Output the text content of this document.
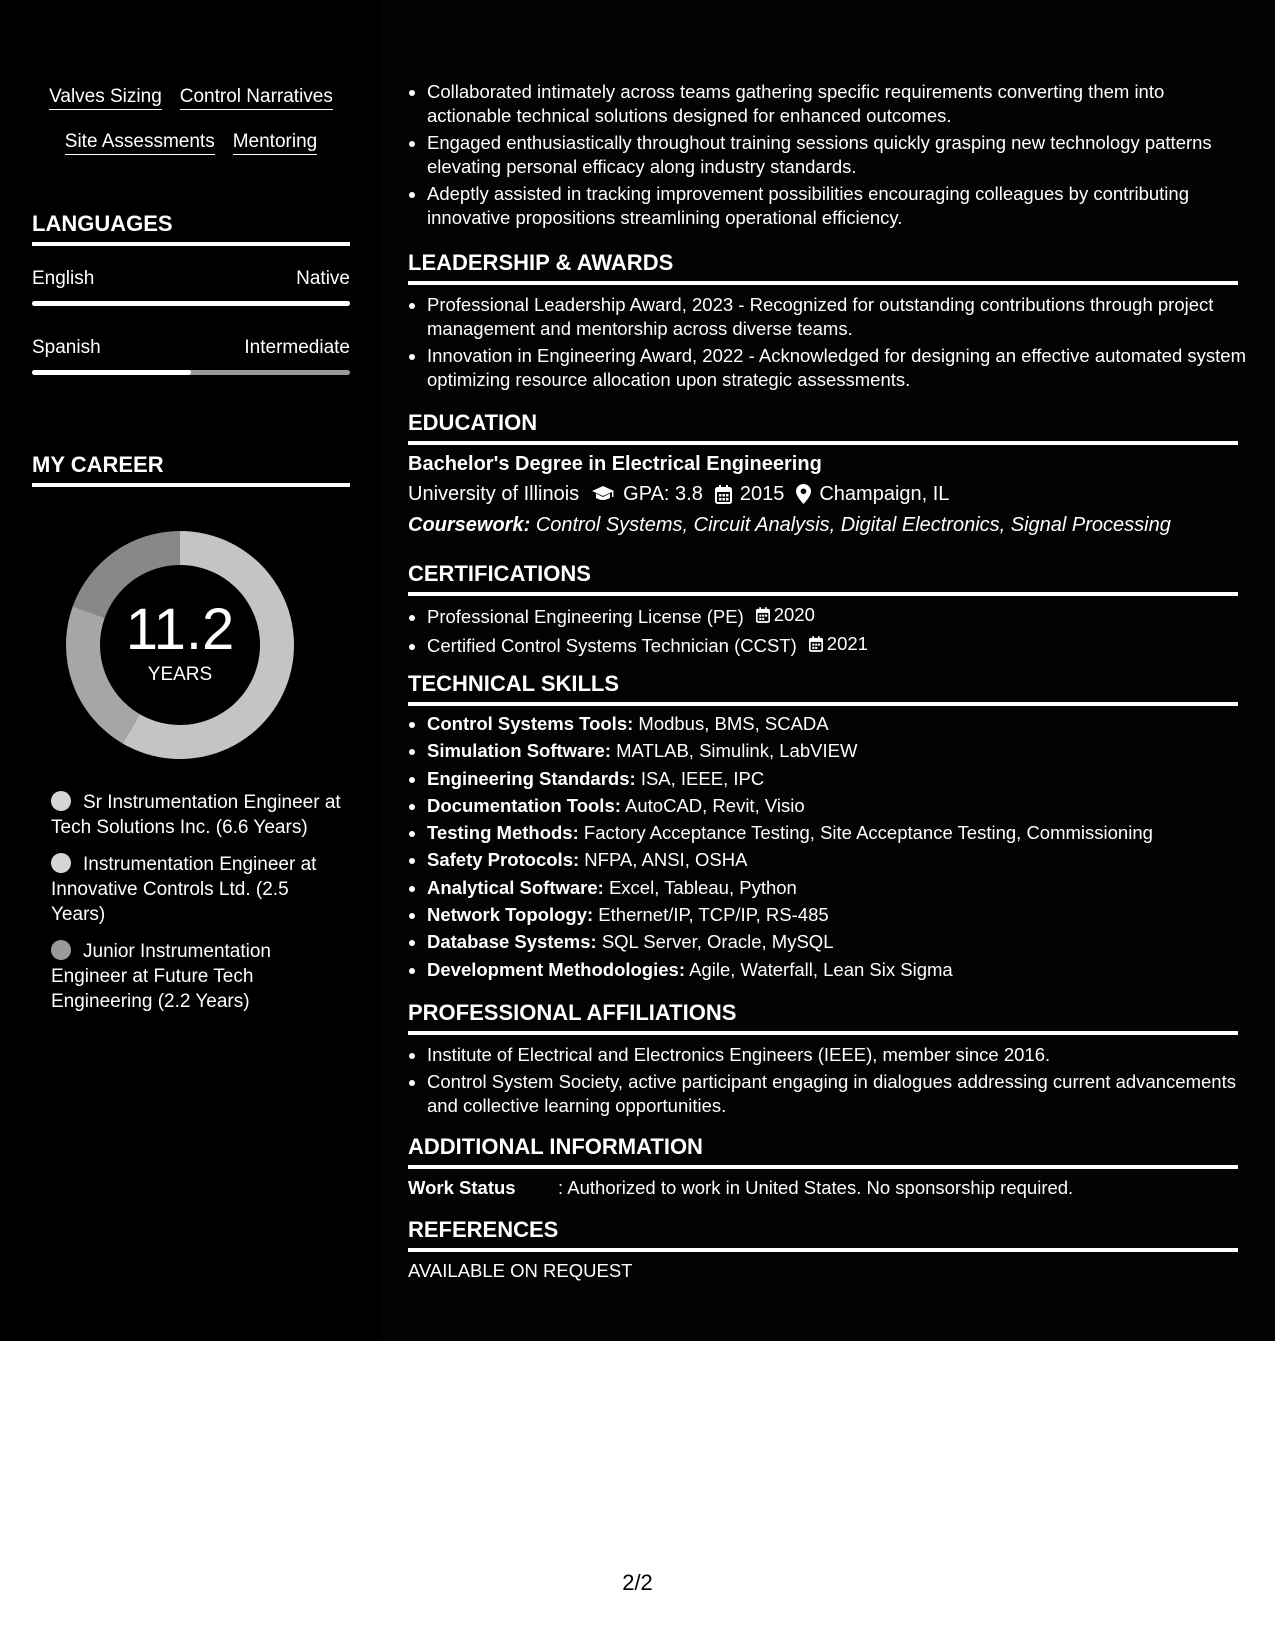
Valves Sizing Control Narratives
Site Assessments Mentoring
LANGUAGES
English	Native
Spanish	Intermediate
MY CAREER
11.2
YEARS
Sr Instrumentation Engineer at Tech Solutions Inc. (6.6 Years)
Instrumentation Engineer at Innovative Controls Ltd. (2.5 Years)
Junior Instrumentation Engineer at Future Tech Engineering (2.2 Years)
• Collaborated intimately across teams gathering specific requirements converting them into actionable technical solutions designed for enhanced outcomes.
• Engaged enthusiastically throughout training sessions quickly grasping new technology patterns elevating personal efficacy along industry standards.
• Adeptly assisted in tracking improvement possibilities encouraging colleagues by contributing innovative propositions streamlining operational efficiency.
LEADERSHIP & AWARDS
• Professional Leadership Award, 2023 - Recognized for outstanding contributions through project management and mentorship across diverse teams.
• Innovation in Engineering Award, 2022 - Acknowledged for designing an effective automated system optimizing resource allocation upon strategic assessments.
EDUCATION
Bachelor's Degree in Electrical Engineering
University of Illinois GPA: 3.8 2015 Champaign, IL
Coursework: Control Systems, Circuit Analysis, Digital Electronics, Signal Processing
CERTIFICATIONS
• Professional Engineering License (PE) 2020
• Certified Control Systems Technician (CCST) 2021
TECHNICAL SKILLS
• Control Systems Tools: Modbus, BMS, SCADA
• Simulation Software: MATLAB, Simulink, LabVIEW
• Engineering Standards: ISA, IEEE, IPC
• Documentation Tools: AutoCAD, Revit, Visio
• Testing Methods: Factory Acceptance Testing, Site Acceptance Testing, Commissioning
• Safety Protocols: NFPA, ANSI, OSHA
• Analytical Software: Excel, Tableau, Python
• Network Topology: Ethernet/IP, TCP/IP, RS-485
• Database Systems: SQL Server, Oracle, MySQL
• Development Methodologies: Agile, Waterfall, Lean Six Sigma
PROFESSIONAL AFFILIATIONS
• Institute of Electrical and Electronics Engineers (IEEE), member since 2016.
• Control System Society, active participant engaging in dialogues addressing current advancements and collective learning opportunities.
ADDITIONAL INFORMATION
Work Status	: Authorized to work in United States. No sponsorship required.
REFERENCES
AVAILABLE ON REQUEST
2/2
